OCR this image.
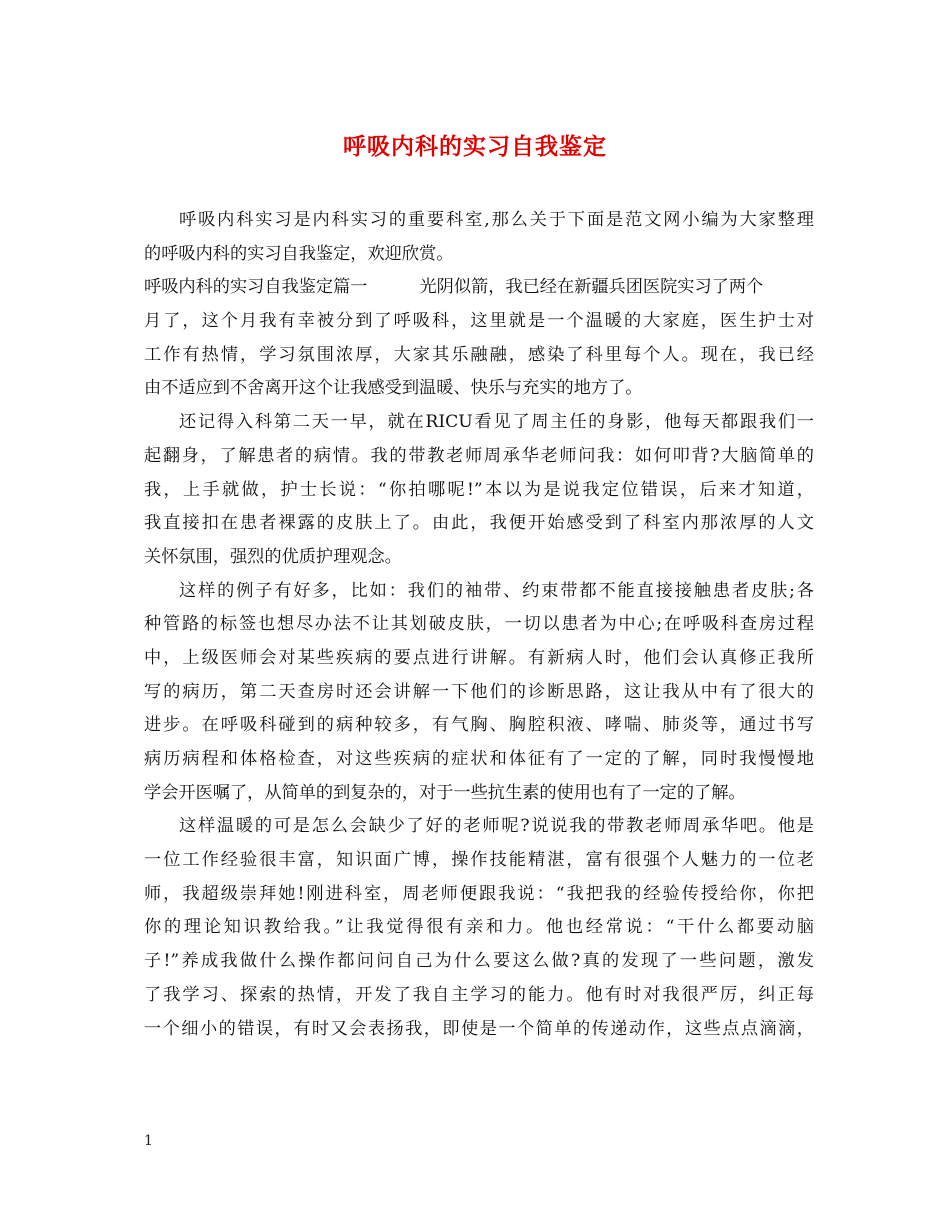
呼吸内科的实习自我鉴定
呼吸内科实习是内科实习的重要科室,那么关于下面是范文网小编为大家整理
的呼吸内科的实习自我鉴定，欢迎欣赏。
呼吸内科的实习自我鉴定篇一	光阴似箭，我已经在新疆兵团医院实习了两个
月了，这个月我有幸被分到了呼吸科，这里就是一个温暖的大家庭，医生护士对
工作有热情，学习氛围浓厚，大家其乐融融，感染了科里每个人。现在，我已经
由不适应到不舍离开这个让我感受到温暖、快乐与充实的地方了。
还记得入科第二天一早，就在RICU看见了周主任的身影，他每天都跟我们一
起翻身，了解患者的病情。我的带教老师周承华老师问我：如何叩背?大脑简单的
我，上手就做，护士长说：“你拍哪呢!”本以为是说我定位错误，后来才知道，
我直接扣在患者裸露的皮肤上了。由此，我便开始感受到了科室内那浓厚的人文
关怀氛围，强烈的优质护理观念。
这样的例子有好多，比如：我们的袖带、约束带都不能直接接触患者皮肤;各
种管路的标签也想尽办法不让其划破皮肤，一切以患者为中心;在呼吸科查房过程
中，上级医师会对某些疾病的要点进行讲解。有新病人时，他们会认真修正我所
写的病历，第二天查房时还会讲解一下他们的诊断思路，这让我从中有了很大的
进步。在呼吸科碰到的病种较多，有气胸、胸腔积液、哮喘、肺炎等，通过书写
病历病程和体格检查，对这些疾病的症状和体征有了一定的了解，同时我慢慢地
学会开医嘱了，从简单的到复杂的，对于一些抗生素的使用也有了一定的了解。
这样温暖的可是怎么会缺少了好的老师呢?说说我的带教老师周承华吧。他是
一位工作经验很丰富，知识面广博，操作技能精湛，富有很强个人魅力的一位老
师，我超级崇拜她!刚进科室，周老师便跟我说：“我把我的经验传授给你，你把
你的理论知识教给我。”让我觉得很有亲和力。他也经常说：“干什么都要动脑
子!”养成我做什么操作都问问自己为什么要这么做?真的发现了一些问题，激发
了我学习、探索的热情，开发了我自主学习的能力。他有时对我很严厉，纠正每
一个细小的错误，有时又会表扬我，即使是一个简单的传递动作，这些点点滴滴，
1
